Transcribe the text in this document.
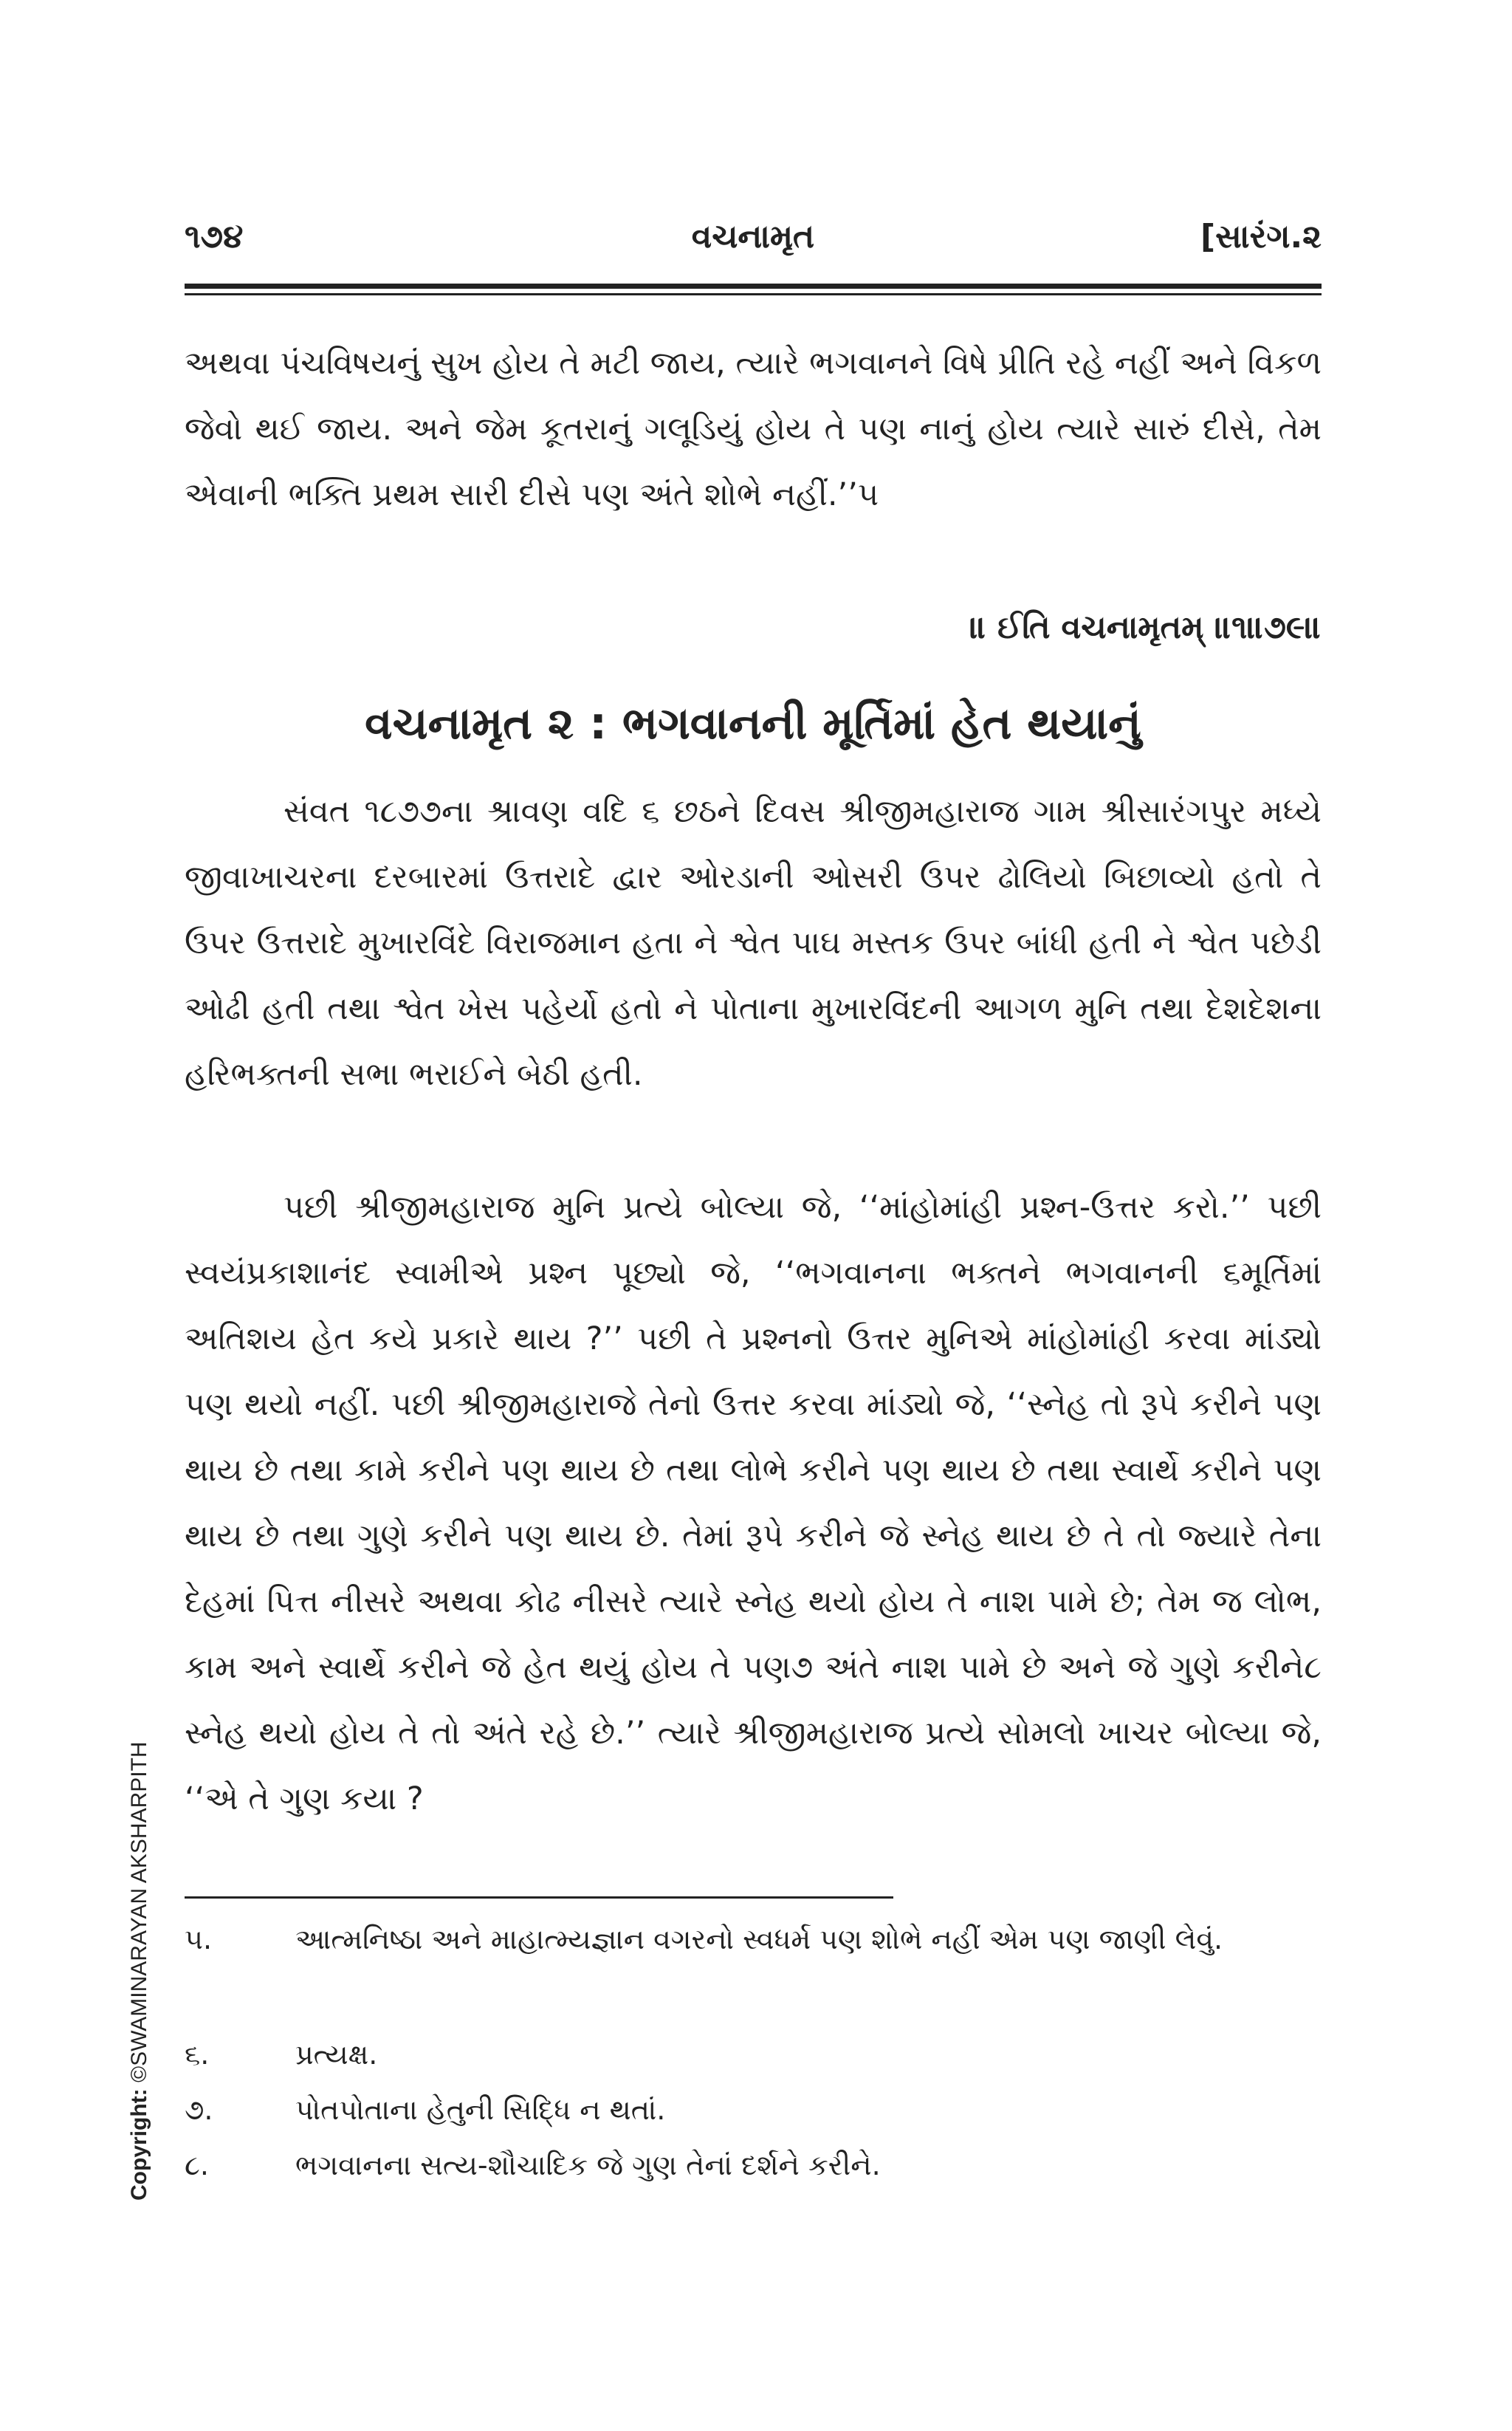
૧૭૪	વચનામૃત	[સારંગ.૨

અથવા પંચવિષયનું સુખ હોય તે મટી જાય, ત્યારે ભગવાનને વિષે પ્રીતિ રહે નહીં અને વિકળ જેવો થઈ જાય. અને જેમ કૂતરાનું ગલૂડિયું હોય તે પણ નાનું હોય ત્યારે સારું દીસે, તેમ એવાની ભક્તિ પ્રથમ સારી દીસે પણ અંતે શોભે નહીં.’’૫

॥ ઈતિ વચનામૃતમ્ ॥૧॥૭૯॥
વચનામૃત ૨ : ભગવાનની મૂર્તિમાં હેત થયાનું

સંવત ૧૮૭૭ના શ્રાવણ વદિ ૬ છઠને દિવસ શ્રીજીમહારાજ ગામ શ્રીસારંગપુર મધ્યે જીવાખાચરના દરબારમાં ઉત્તરાદે દ્વાર ઓરડાની ઓસરી ઉપર ઢોલિયો બિછાવ્યો હતો તે ઉપર ઉત્તરાદે મુખારવિંદે વિરાજમાન હતા ને શ્વેત પાઘ મસ્તક ઉપર બાંધી હતી ને શ્વેત પછેડી ઓઢી હતી તથા શ્વેત ખેસ પહેર્યો હતો ને પોતાના મુખારવિંદની આગળ મુનિ તથા દેશદેશના હરિભક્તની સભા ભરાઈને બેઠી હતી.

પછી શ્રીજીમહારાજ મુનિ પ્રત્યે બોલ્યા જે, ‘‘માંહોમાંહી પ્રશ્ન-ઉત્તર કરો.’’ પછી સ્વયંપ્રકાશાનંદ સ્વામીએ પ્રશ્ન પૂછ્યો જે, ‘‘ભગવાનના ભક્તને ભગવાનની ૬મૂર્તિમાં અતિશય હેત કયે પ્રકારે થાય ?’’ પછી તે પ્રશ્નનો ઉત્તર મુનિએ માંહોમાંહી કરવા માંડ્યો પણ થયો નહીં. પછી શ્રીજીમહારાજે તેનો ઉત્તર કરવા માંડ્યો જે, ‘‘સ્નેહ તો રૂપે કરીને પણ થાય છે તથા કામે કરીને પણ થાય છે તથા લોભે કરીને પણ થાય છે તથા સ્વાર્થે કરીને પણ થાય છે તથા ગુણે કરીને પણ થાય છે. તેમાં રૂપે કરીને જે સ્નેહ થાય છે તે તો જ્યારે તેના દેહમાં પિત્ત નીસરે અથવા કોઢ નીસરે ત્યારે સ્નેહ થયો હોય તે નાશ પામે છે; તેમ જ લોભ, કામ અને સ્વાર્થે કરીને જે હેત થયું હોય તે પણ૭ અંતે નાશ પામે છે અને જે ગુણે કરીને૮ સ્નેહ થયો હોય તે તો અંતે રહે છે.’’ ત્યારે શ્રીજીમહારાજ પ્રત્યે સોમલો ખાચર બોલ્યા જે, ‘‘એ તે ગુણ કયા ?

૫.	આત્મનિષ્ઠા અને માહાત્મ્યજ્ઞાન વગરનો સ્વધર્મ પણ શોભે નહીં એમ પણ જાણી લેવું.
૬.	પ્રત્યક્ષ.
૭.	પોતપોતાના હેતુની સિદ્ધિ ન થતાં.
૮.	ભગવાનના સત્ય-શૌચાદિક જે ગુણ તેનાં દર્શને કરીને.
Copyright: ©SWAMINARAYAN AKSHARPITH
